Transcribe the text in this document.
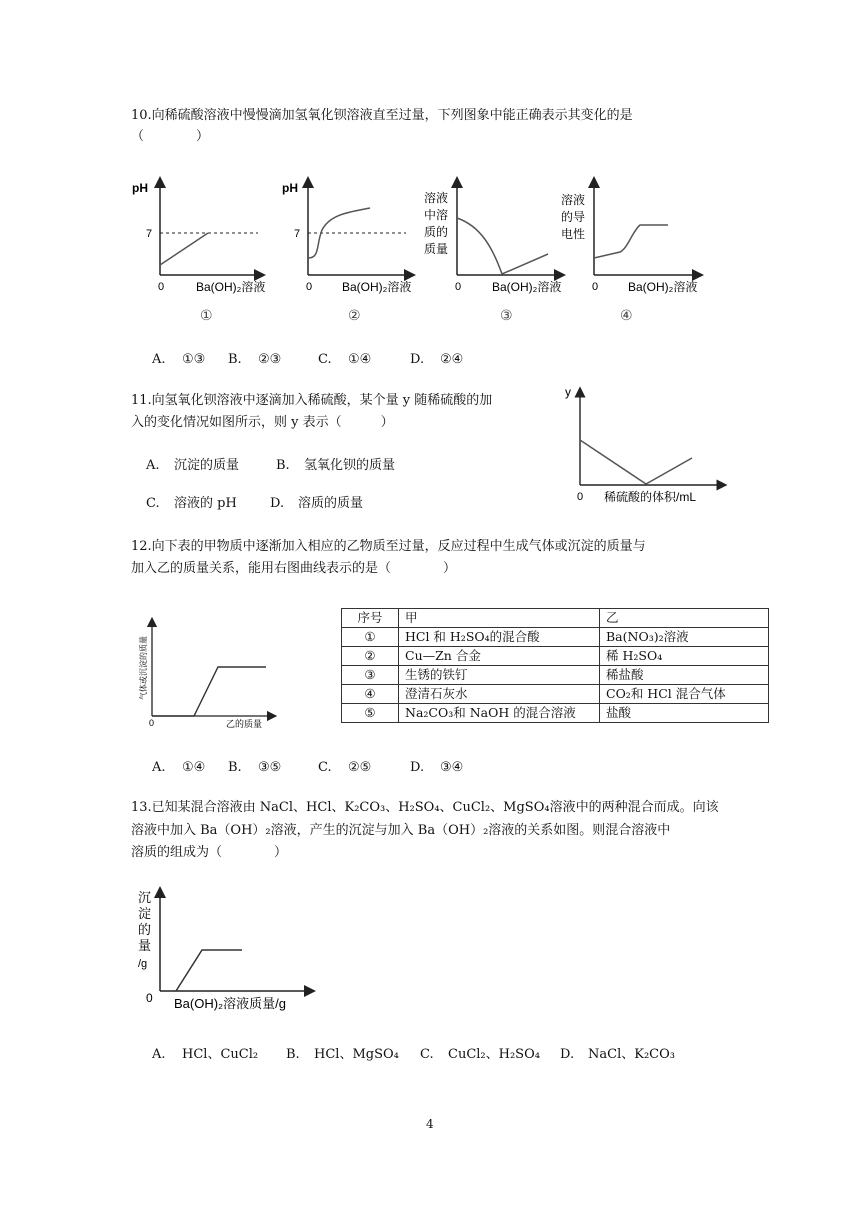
10.向稀硫酸溶液中慢慢滴加氢氧化钡溶液直至过量，下列图象中能正确表示其变化的是
（　　　　）
pH
7
0	Ba(OH)₂溶液
①
pH
7
0 Ba(OH)₂溶液
②
溶液 中溶 质的 质量
0	Ba(OH)₂溶液
③
溶液 的导 电性
0 Ba(OH)₂溶液
④
A. ①③ B. ②③	C. ①④	D. ②④
11.向氢氧化钡溶液中逐滴加入稀硫酸，某个量 y 随稀硫酸的加
入的变化情况如图所示，则 y 表示（　　　）
A. 沉淀的质量	B. 氢氧化钡的质量
C. 溶液的 pH	D. 溶质的质量
y
0 稀硫酸的体积/mL
12.向下表的甲物质中逐渐加入相应的乙物质至过量，反应过程中生成气体或沉淀的质量与
加入乙的质量关系，能用右图曲线表示的是（　　　　）
气体或沉淀的质量
0	乙的质量
序号	甲	乙
①	HCl 和 H₂SO₄的混合酸	Ba(NO₃)₂溶液
②	Cu—Zn 合金	稀 H₂SO₄
③	生锈的铁钉	稀盐酸
④	澄清石灰水	CO₂和 HCl 混合气体
⑤	Na₂CO₃和 NaOH 的混合溶液	盐酸
A. ①④ B. ③⑤	C. ②⑤	D. ③④
13.已知某混合溶液由 NaCl、HCl、K₂CO₃、H₂SO₄、CuCl₂、MgSO₄溶液中的两种混合而成。向该
溶液中加入 Ba（OH）₂溶液，产生的沉淀与加入 Ba（OH）₂溶液的关系如图。则混合溶液中
溶质的组成为（　　　　）
沉 淀 的 量 /g
0 Ba(OH)₂溶液质量/g
A. HCl、CuCl₂ B. HCl、MgSO₄ C. CuCl₂、H₂SO₄ D. NaCl、K₂CO₃
4
